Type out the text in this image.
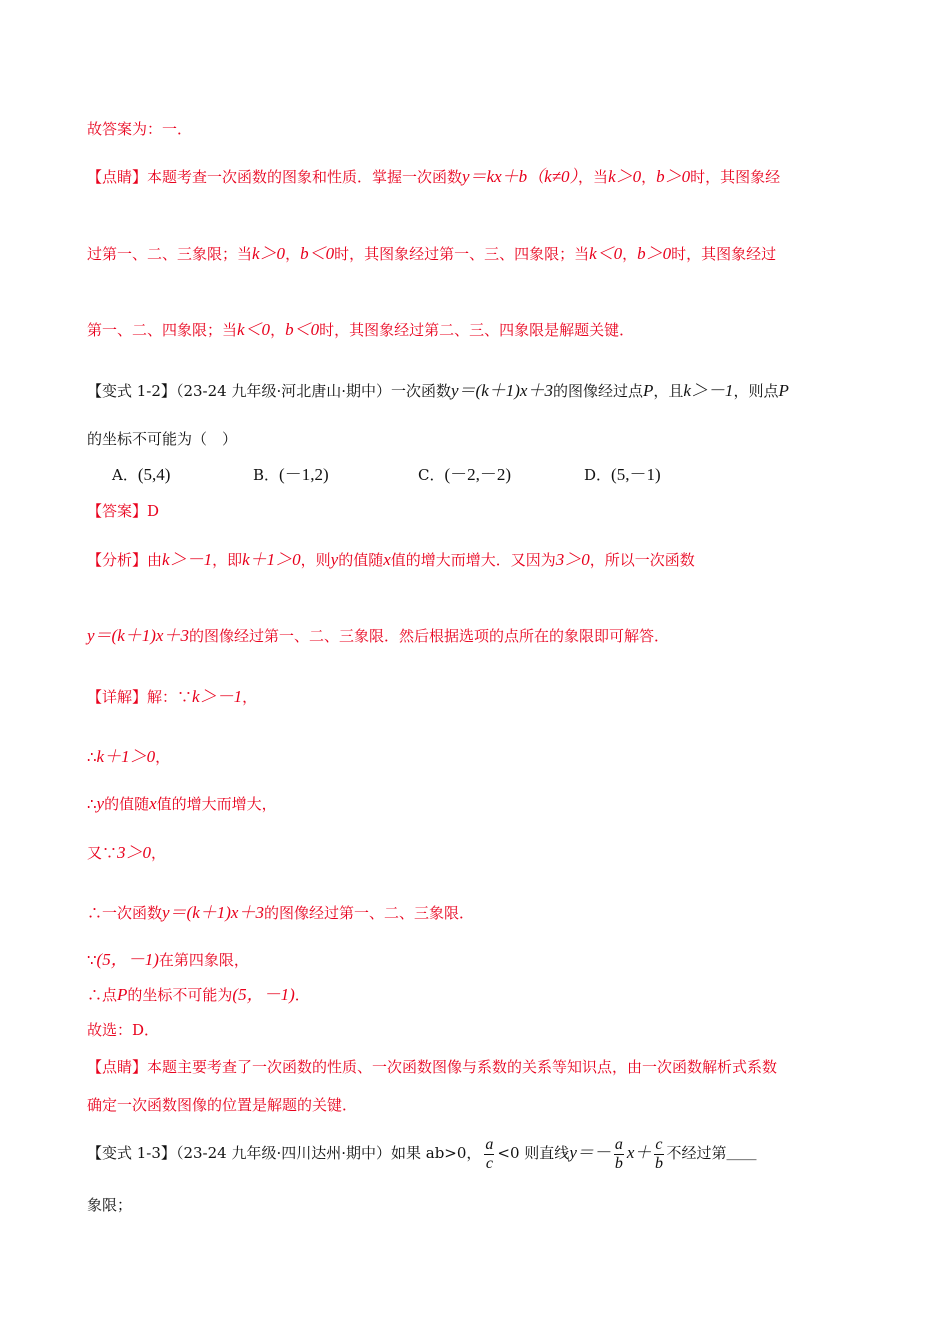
故答案为：一．
【点睛】本题考查一次函数的图象和性质．掌握一次函数y＝kx＋b（k≠0），当k＞0，b＞0时，其图象经
过第一、二、三象限；当k＞0，b＜0时，其图象经过第一、三、四象限；当k＜0，b＞0时，其图象经过
第一、二、四象限；当k＜0，b＜0时，其图象经过第二、三、四象限是解题关键．
【变式 1-2】（23-24 九年级·河北唐山·期中）一次函数y＝(k＋1)x＋3的图像经过点P，且k＞－1，则点P
的坐标不可能为（　）
A．(5,4)	B．(－1,2)	C．(－2,－2)	D．(5,－1)
【答案】D
【分析】由k＞－1，即k＋1＞0，则y的值随x值的增大而增大．又因为3＞0，所以一次函数
y＝(k＋1)x＋3的图像经过第一、二、三象限．然后根据选项的点所在的象限即可解答．
【详解】解：∵k＞－1，
∴k＋1＞0，
∴y的值随x值的增大而增大，
又∵3＞0，
∴一次函数y＝(k＋1)x＋3的图像经过第一、二、三象限．
∵(5，－1)在第四象限，
∴点P的坐标不可能为(5，－1)．
故选：D．
【点睛】本题主要考查了一次函数的性质、一次函数图像与系数的关系等知识点，由一次函数解析式系数
确定一次函数图像的位置是解题的关键．
【变式 1-3】（23-24 九年级·四川达州·期中）如果 ab>0， $\frac{a}{c} <0$ 则直线$y=- \frac{a}{b} x+ \frac{c}{b}$ 不经过第＿＿
象限；
